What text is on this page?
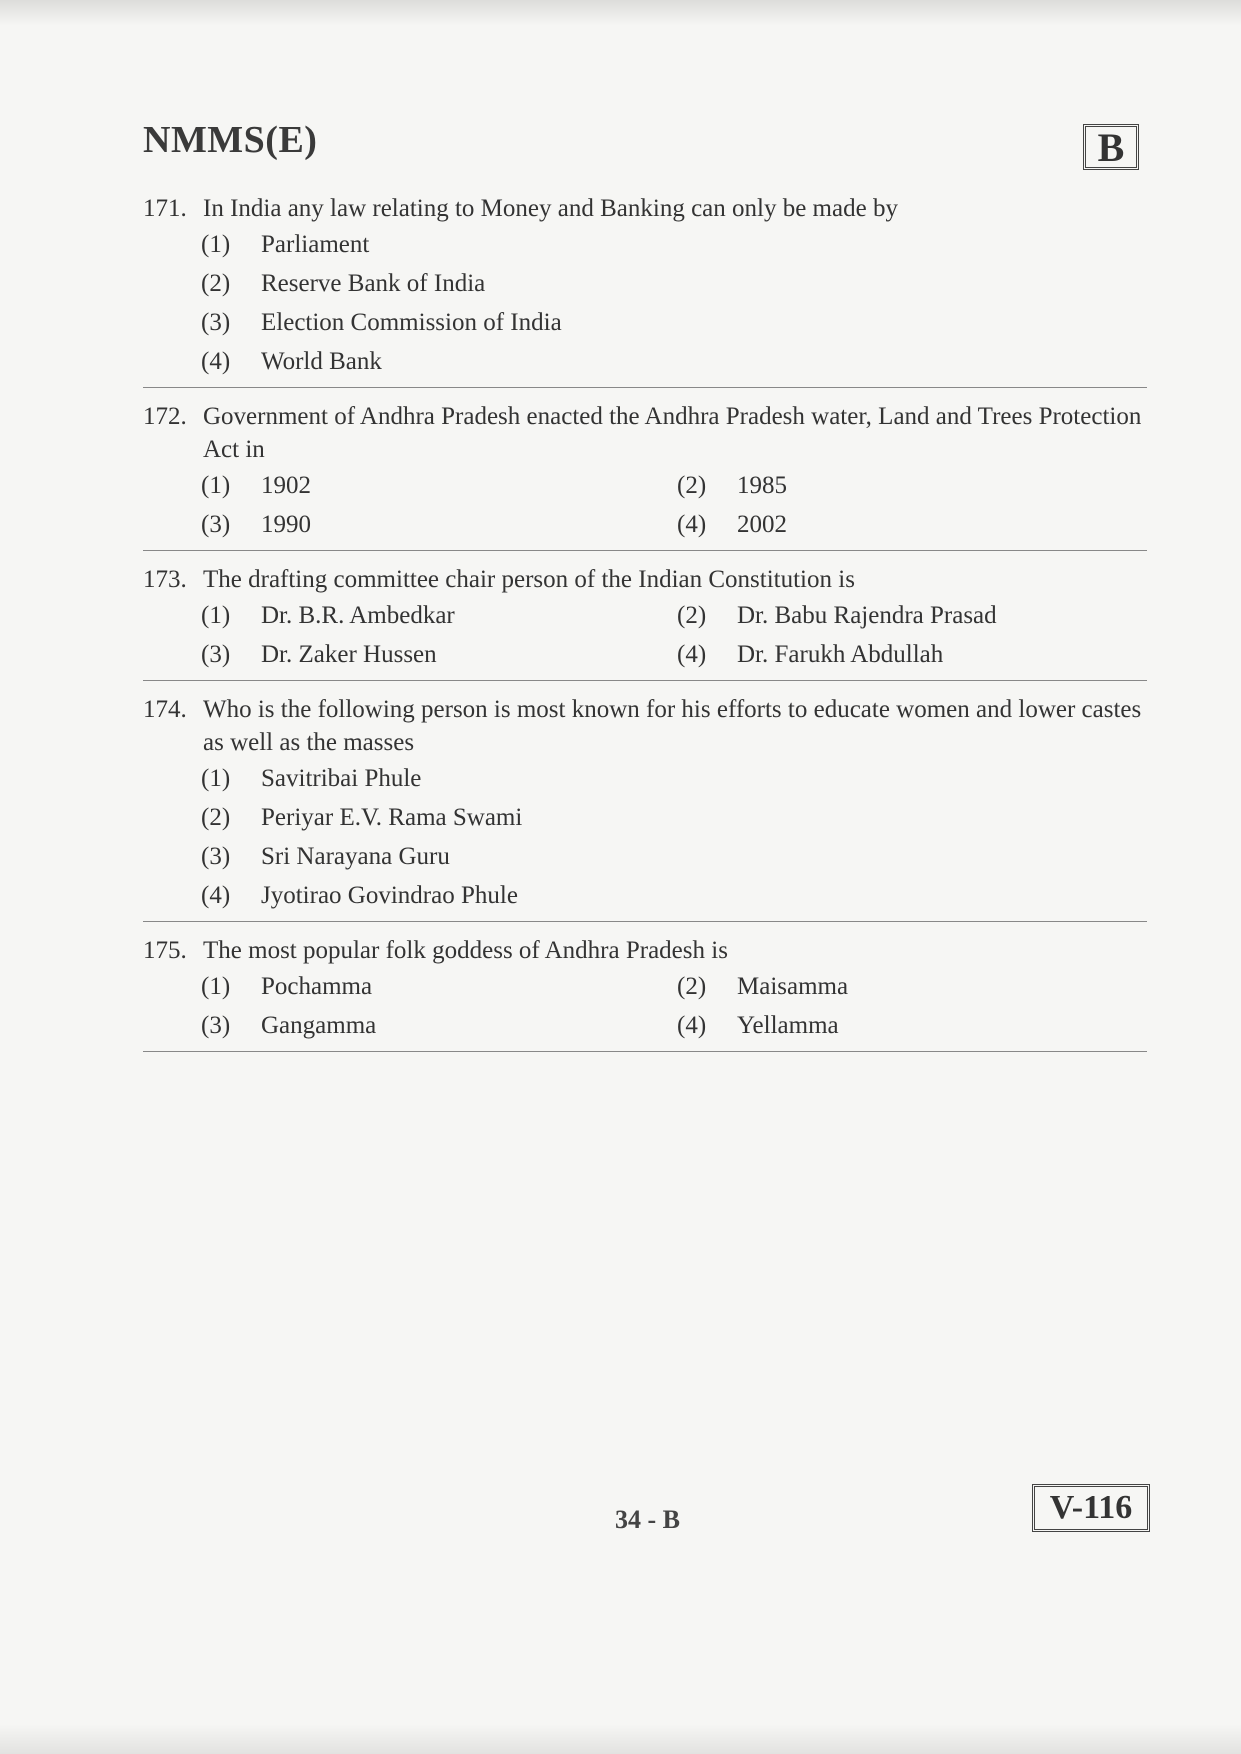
NMMS(E)	B
171. In India any law relating to Money and Banking can only be made by
(1)	Parliament
(2)	Reserve Bank of India
(3)	Election Commission of India
(4)	World Bank
172. Government of Andhra Pradesh enacted the Andhra Pradesh water, Land and Trees Protection Act in
(1)	1902	(2)	1985
(3)	1990	(4)	2002
173. The drafting committee chair person of the Indian Constitution is
(1)	Dr. B.R. Ambedkar	(2)	Dr. Babu Rajendra Prasad
(3)	Dr. Zaker Hussen	(4)	Dr. Farukh Abdullah
174. Who is the following person is most known for his efforts to educate women and lower castes as well as the masses
(1)	Savitribai Phule
(2)	Periyar E.V. Rama Swami
(3)	Sri Narayana Guru
(4)	Jyotirao Govindrao Phule
175. The most popular folk goddess of Andhra Pradesh is
(1)	Pochamma	(2)	Maisamma
(3)	Gangamma	(4)	Yellamma
34 - B	V-116
